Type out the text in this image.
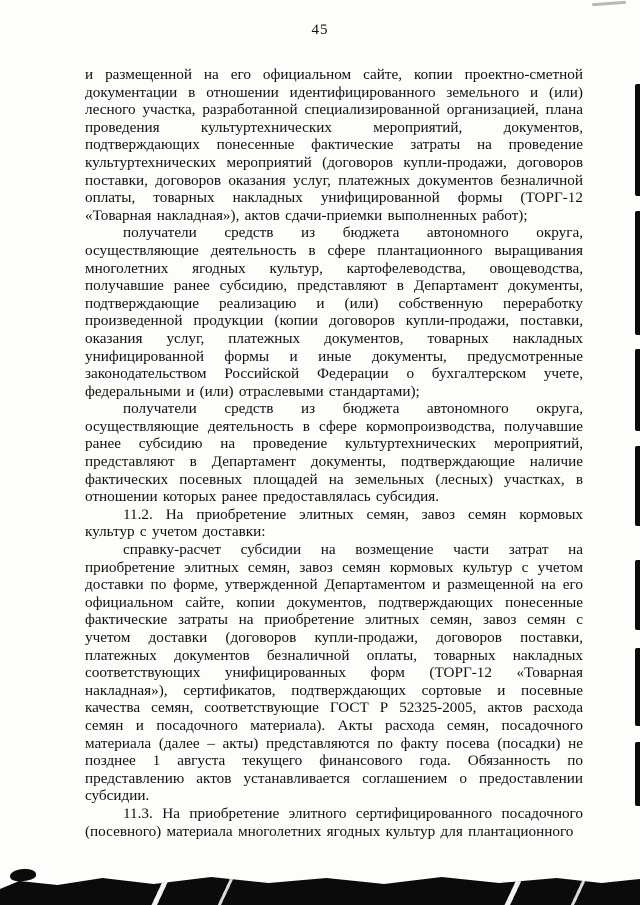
45

и размещенной на его официальном сайте, копии проектно-сметной документации в отношении идентифицированного земельного и (или) лесного участка, разработанной специализированной организацией, плана проведения культуртехнических мероприятий, документов, подтверждающих понесенные фактические затраты на проведение культуртехнических мероприятий (договоров купли-продажи, договоров поставки, договоров оказания услуг, платежных документов безналичной оплаты, товарных накладных унифицированной формы (ТОРГ-12 «Товарная накладная»), актов сдачи-приемки выполненных работ);

получатели средств из бюджета автономного округа, осуществляющие деятельность в сфере плантационного выращивания многолетних ягодных культур, картофелеводства, овощеводства, получавшие ранее субсидию, представляют в Департамент документы, подтверждающие реализацию и (или) собственную переработку произведенной продукции (копии договоров купли-продажи, поставки, оказания услуг, платежных документов, товарных накладных унифицированной формы и иные документы, предусмотренные законодательством Российской Федерации о бухгалтерском учете, федеральными и (или) отраслевыми стандартами);

получатели средств из бюджета автономного округа, осуществляющие деятельность в сфере кормопроизводства, получавшие ранее субсидию на проведение культуртехнических мероприятий, представляют в Департамент документы, подтверждающие наличие фактических посевных площадей на земельных (лесных) участках, в отношении которых ранее предоставлялась субсидия.

11.2. На приобретение элитных семян, завоз семян кормовых культур с учетом доставки:

справку-расчет субсидии на возмещение части затрат на приобретение элитных семян, завоз семян кормовых культур с учетом доставки по форме, утвержденной Департаментом и размещенной на его официальном сайте, копии документов, подтверждающих понесенные фактические затраты на приобретение элитных семян, завоз семян с учетом доставки (договоров купли-продажи, договоров поставки, платежных документов безналичной оплаты, товарных накладных соответствующих унифицированных форм (ТОРГ-12 «Товарная накладная»), сертификатов, подтверждающих сортовые и посевные качества семян, соответствующие ГОСТ Р 52325-2005, актов расхода семян и посадочного материала). Акты расхода семян, посадочного материала (далее – акты) представляются по факту посева (посадки) не позднее 1 августа текущего финансового года. Обязанность по представлению актов устанавливается соглашением о предоставлении субсидии.

11.3. На приобретение элитного сертифицированного посадочного (посевного) материала многолетних ягодных культур для плантационного
